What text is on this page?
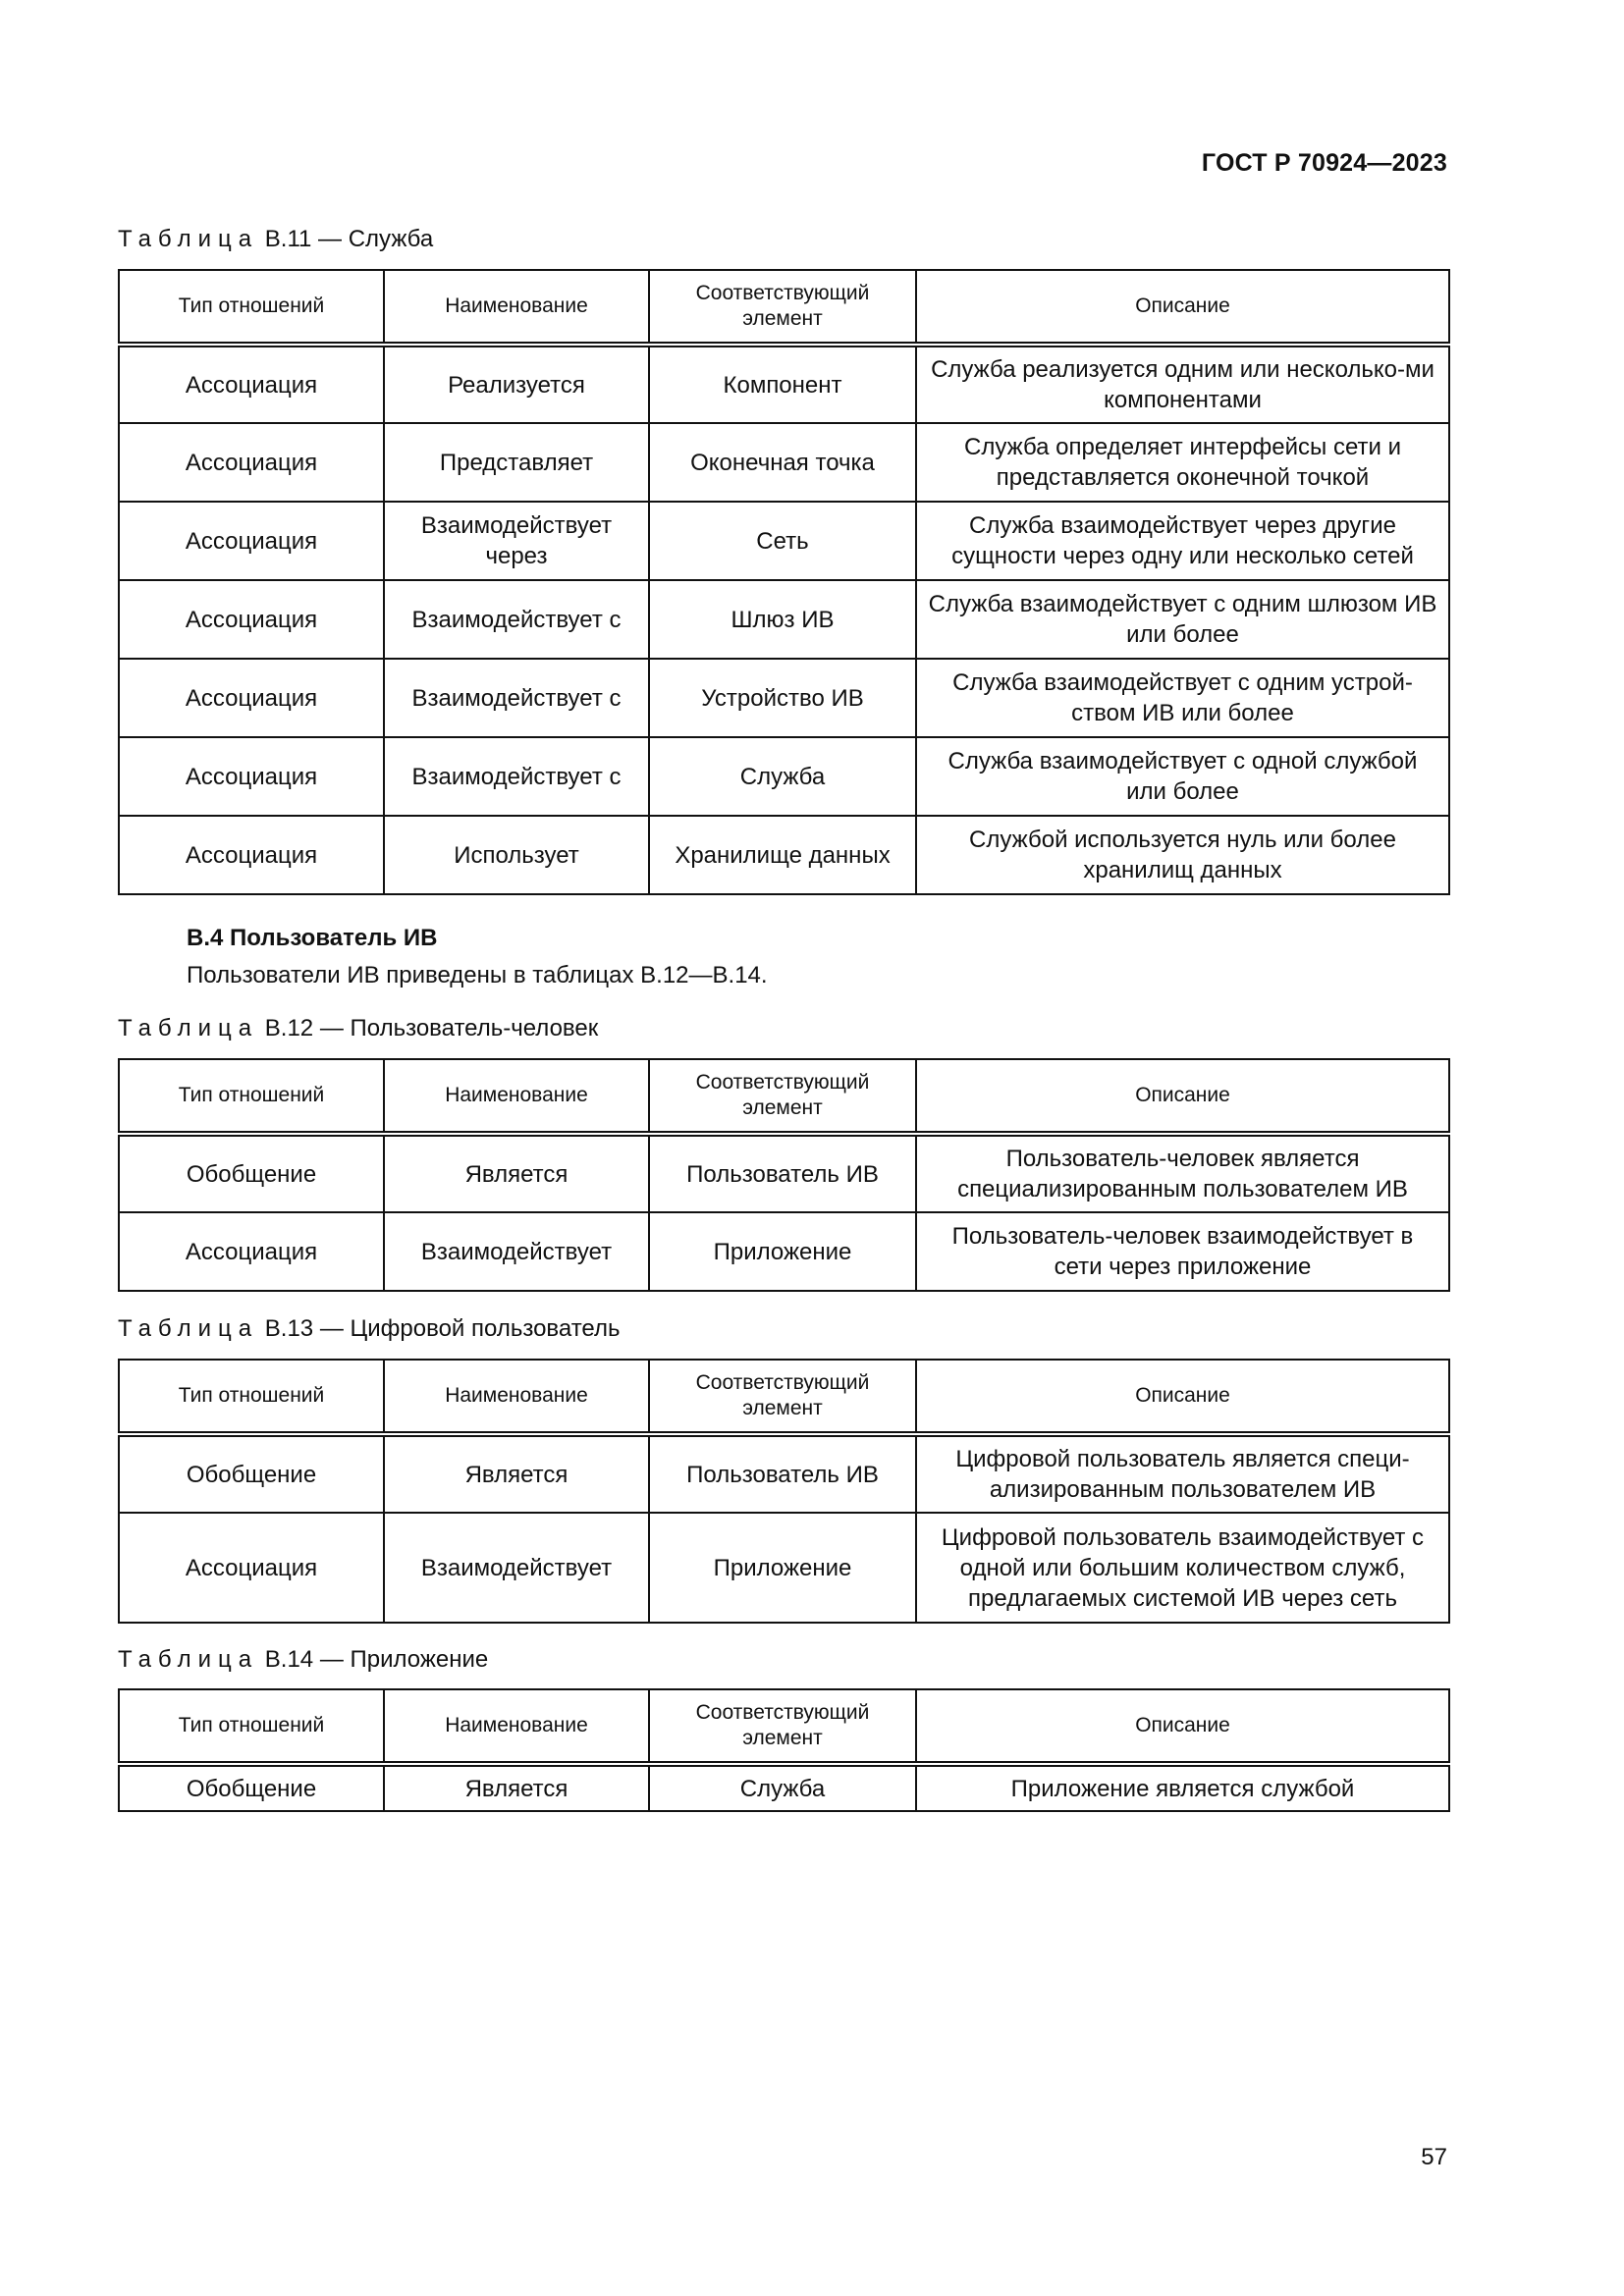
ГОСТ Р 70924—2023
Таблица В.11 — Служба
Тип отношений	Наименование	Соответствующий элемент	Описание
Ассоциация	Реализуется	Компонент	Служба реализуется одним или несколько-ми компонентами
Ассоциация	Представляет	Оконечная точка	Служба определяет интерфейсы сети и представляется оконечной точкой
Ассоциация	Взаимодействует через	Сеть	Служба взаимодействует через другие сущности через одну или несколько сетей
Ассоциация	Взаимодействует с	Шлюз ИВ	Служба взаимодействует с одним шлюзом ИВ или более
Ассоциация	Взаимодействует с	Устройство ИВ	Служба взаимодействует с одним устрой-ством ИВ или более
Ассоциация	Взаимодействует с	Служба	Служба взаимодействует с одной службой или более
Ассоциация	Использует	Хранилище данных	Службой используется нуль или более хранилищ данных
В.4 Пользователь ИВ
Пользователи ИВ приведены в таблицах В.12—В.14.
Таблица В.12 — Пользователь-человек
Тип отношений	Наименование	Соответствующий элемент	Описание
Обобщение	Является	Пользователь ИВ	Пользователь-человек является специализированным пользователем ИВ
Ассоциация	Взаимодействует	Приложение	Пользователь-человек взаимодействует в сети через приложение
Таблица В.13 — Цифровой пользователь
Тип отношений	Наименование	Соответствующий элемент	Описание
Обобщение	Является	Пользователь ИВ	Цифровой пользователь является специ-ализированным пользователем ИВ
Ассоциация	Взаимодействует	Приложение	Цифровой пользователь взаимодействует с одной или большим количеством служб, предлагаемых системой ИВ через сеть
Таблица В.14 — Приложение
Тип отношений	Наименование	Соответствующий элемент	Описание
Обобщение	Является	Служба	Приложение является службой
57
